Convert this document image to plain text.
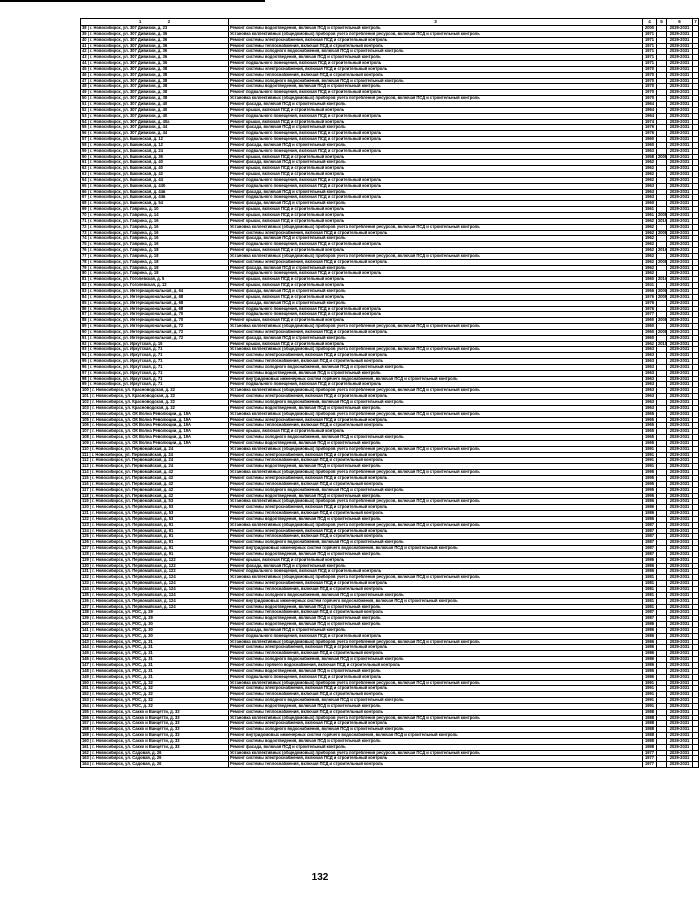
1 2	3	4	5	6	7
38 | г. Новосибирск, ул. 307 Дивизии, д. 23	Ремонт системы водоотведения, включая ПСД и строительный контроль	2000		2029-2031	
39 | г. Новосибирск, ул. 307 Дивизии, д. 36	Установка коллективных (общедомовых) приборов учета потребления ресурсов, включая ПСД и строительный контроль	1971		2029-2031	
40 | г. Новосибирск, ул. 307 Дивизии, д. 36	Ремонт системы электроснабжения, включая ПСД и строительный контроль	1971		2029-2031	
41 | г. Новосибирск, ул. 307 Дивизии, д. 36	Ремонт системы теплоснабжения, включая ПСД и строительный контроль	1971		2029-2031	
42 | г. Новосибирск, ул. 307 Дивизии, д. 36	Ремонт системы холодного водоснабжения, включая ПСД и строительный контроль	1971		2029-2031	
43 | г. Новосибирск, ул. 307 Дивизии, д. 36	Ремонт системы водоотведения, включая ПСД и строительный контроль	1971		2029-2031	
44 | г. Новосибирск, ул. 307 Дивизии, д. 36	Ремонт подвального помещения, включая ПСД и строительный контроль	1971		2029-2031	
45 | г. Новосибирск, ул. 307 Дивизии, д. 38	Ремонт системы электроснабжения, включая ПСД и строительный контроль	1970		2029-2031	
46 | г. Новосибирск, ул. 307 Дивизии, д. 38	Ремонт системы теплоснабжения, включая ПСД и строительный контроль	1970		2029-2031	
47 | г. Новосибирск, ул. 307 Дивизии, д. 38	Ремонт системы холодного водоснабжения, включая ПСД и строительный контроль	1970		2029-2031	
48 | г. Новосибирск, ул. 307 Дивизии, д. 38	Ремонт системы водоотведения, включая ПСД и строительный контроль	1970		2029-2031	
49 | г. Новосибирск, ул. 307 Дивизии, д. 38	Ремонт подвального помещения, включая ПСД и строительный контроль	1970		2029-2031	
50 | г. Новосибирск, ул. 307 Дивизии, д. 38	Установка коллективных (общедомовых) приборов учета потребления ресурсов, включая ПСД и строительный контроль	1970		2029-2031	
51 | г. Новосибирск, ул. 307 Дивизии, д. 40	Ремонт фасада, включая ПСД и строительный контроль	1964		2029-2031	
52 | г. Новосибирск, ул. 307 Дивизии, д. 40	Ремонт крыши, включая ПСД и строительный контроль	1964		2029-2031	
53 | г. Новосибирск, ул. 307 Дивизии, д. 40	Ремонт подвального помещения, включая ПСД и строительный контроль	1964		2029-2031	
54 | г. Новосибирск, ул. 307 Дивизии, д. 40а	Ремонт крыши, включая ПСД и строительный контроль	1974		2029-2031	
55 | г. Новосибирск, ул. 307 Дивизии, д. 44	Ремонт фасада, включая ПСД и строительный контроль	1976		2029-2031	
56 | г. Новосибирск, ул. 307 Дивизии, д. 44	Ремонт подвального помещения, включая ПСД и строительный контроль	1976		2029-2031	
57 | г. Новосибирск, ул. Бакинская, д. 12	Ремонт подвального помещения, включая ПСД и строительный контроль	1960		2029-2031	
58 | г. Новосибирск, ул. Бакинская, д. 12	Ремонт фасада, включая ПСД и строительный контроль	1960		2029-2031	
59 | г. Новосибирск, ул. Бакинская, д. 24	Ремонт подвального помещения, включая ПСД и строительный контроль	1963		2029-2031	
60 | г. Новосибирск, ул. Бакинская, д. 36	Ремонт крыши, включая ПСД и строительный контроль	1958	2008	2029-2031	
61 | г. Новосибирск, ул. Бакинская, д. 40	Ремонт фасада, включая ПСД и строительный контроль	1962		2029-2031	
62 | г. Новосибирск, ул. Бакинская, д. 40	Ремонт крыши, включая ПСД и строительный контроль	1962		2029-2031	
63 | г. Новосибирск, ул. Бакинская, д. 42	Ремонт крыши, включая ПСД и строительный контроль	1962		2029-2031	
64 | г. Новосибирск, ул. Бакинская, д. 44	Ремонт подвального помещения, включая ПСД и строительный контроль	1962		2029-2031	
65 | г. Новосибирск, ул. Бакинская, д. 44б	Ремонт подвального помещения, включая ПСД и строительный контроль	1963		2029-2031	
66 | г. Новосибирск, ул. Бакинская, д. 44в	Ремонт фасада, включая ПСД и строительный контроль	1963		2029-2031	
67 | г. Новосибирск, ул. Бакинская, д. 44в	Ремонт подвального помещения, включая ПСД и строительный контроль	1963		2029-2031	
68 | г. Новосибирск, ул. Бакинская, д. 54	Ремонт фасада, включая ПСД и строительный контроль	1960		2029-2031	
69 | г. Новосибирск, ул. Гаврина, д. 10	Ремонт крыши, включая ПСД и строительный контроль	1961		2029-2031	
70 | г. Новосибирск, ул. Гаврина, д. 14	Ремонт крыши, включая ПСД и строительный контроль	1961	2008	2029-2031	
71 | г. Новосибирск, ул. Гаврина, д. 16	Ремонт крыши, включая ПСД и строительный контроль	1962	2015	2029-2031	
72 | г. Новосибирск, ул. Гаврина, д. 16	Установка коллективных (общедомовых) приборов учета потребления ресурсов, включая ПСД и строительный контроль	1962		2029-2031	
73 | г. Новосибирск, ул. Гаврина, д. 16	Ремонт системы электроснабжения, включая ПСД и строительный контроль	1962	2008	2029-2031	
74 | г. Новосибирск, ул. Гаврина, д. 16	Ремонт фасада, включая ПСД и строительный контроль	1962		2029-2031	
75 | г. Новосибирск, ул. Гаврина, д. 16	Ремонт подвального помещения, включая ПСД и строительный контроль	1962		2029-2031	
76 | г. Новосибирск, ул. Гаврина, д. 18	Ремонт крыши, включая ПСД и строительный контроль	1962	2016	2029-2031	
77 | г. Новосибирск, ул. Гаврина, д. 18	Установка коллективных (общедомовых) приборов учета потребления ресурсов, включая ПСД и строительный контроль	1962		2029-2031	
78 | г. Новосибирск, ул. Гаврина, д. 18	Ремонт системы электроснабжения, включая ПСД и строительный контроль	1962	2008	2029-2031	
79 | г. Новосибирск, ул. Гаврина, д. 18	Ремонт фасада, включая ПСД и строительный контроль	1962		2029-2031	
80 | г. Новосибирск, ул. Гаврина, д. 18	Ремонт подвального помещения, включая ПСД и строительный контроль	1962		2029-2031	
81 | г. Новосибирск, ул. Гоголевская, д. 5	Ремонт крыши, включая ПСД и строительный контроль	1960	2019	2029-2031	
82 | г. Новосибирск, ул. Гоголевская, д. 12	Ремонт крыши, включая ПСД и строительный контроль	1931		2029-2031	
83 | г. Новосибирск, ул. Интернациональная, д. 64	Ремонт фасада, включая ПСД и строительный контроль	1966	2008	2029-2031	
84 | г. Новосибирск, ул. Интернациональная, д. 68	Ремонт крыши, включая ПСД и строительный контроль	1976	2008	2029-2031	
85 | г. Новосибирск, ул. Интернациональная, д. 68	Ремонт фасада, включая ПСД и строительный контроль	1976		2029-2031	
86 | г. Новосибирск, ул. Интернациональная, д. 68	Ремонт подвального помещения, включая ПСД и строительный контроль	1976		2029-2031	
87 | г. Новосибирск, ул. Интернациональная, д. 70	Ремонт подвального помещения, включая ПСД и строительный контроль	1977		2029-2031	
88 | г. Новосибирск, ул. Интернациональная, д. 70	Ремонт крыши, включая ПСД и строительный контроль	1960	2008	2029-2031	
89 | г. Новосибирск, ул. Интернациональная, д. 72	Установка коллективных (общедомовых) приборов учета потребления ресурсов, включая ПСД и строительный контроль	1960		2029-2031	
90 | г. Новосибирск, ул. Интернациональная, д. 72	Ремонт системы электроснабжения, включая ПСД и строительный контроль	1960	2008	2029-2031	
91 | г. Новосибирск, ул. Интернациональная, д. 72	Ремонт фасада, включая ПСД и строительный контроль	1960		2029-2031	
92 | г. Новосибирск, ул. Иркутская, д. 15	Ремонт крыши, включая ПСД и строительный контроль	1962	2015	2029-2031	
93 | г. Новосибирск, ул. Иркутская, д. 71	Установка коллективных (общедомовых) приборов учета потребления ресурсов, включая ПСД и строительный контроль	1963		2029-2031	
94 | г. Новосибирск, ул. Иркутская, д. 71	Ремонт системы электроснабжения, включая ПСД и строительный контроль	1963		2029-2031	
95 | г. Новосибирск, ул. Иркутская, д. 71	Ремонт системы теплоснабжения, включая ПСД и строительный контроль	1963		2029-2031	
96 | г. Новосибирск, ул. Иркутская, д. 71	Ремонт системы холодного водоснабжения, включая ПСД и строительный контроль	1963		2029-2031	
97 | г. Новосибирск, ул. Иркутская, д. 71	Ремонт системы водоотведения, включая ПСД и строительный контроль	1963		2029-2031	
98 | г. Новосибирск, ул. Иркутская, д. 71	Ремонт внутридомовых инженерных систем горячего водоснабжения, включая ПСД и строительный контроль	1963		2029-2031	
99 | г. Новосибирск, ул. Иркутская, д. 71	Ремонт подвального помещения, включая ПСД и строительный контроль	1963		2029-2031	
100 | г. Новосибирск, ул. Красноводская, д. 22	Установка коллективных (общедомовых) приборов учета потребления ресурсов, включая ПСД и строительный контроль	1963		2029-2031	
101 | г. Новосибирск, ул. Красноводская, д. 22	Ремонт системы электроснабжения, включая ПСД и строительный контроль	1963		2029-2031	
102 | г. Новосибирск, ул. Красноводская, д. 22	Ремонт системы холодного водоснабжения, включая ПСД и строительный контроль	1963		2029-2031	
103 | г. Новосибирск, ул. Красноводская, д. 22	Ремонт системы водоотведения, включая ПСД и строительный контроль	1963		2029-2031	
104 | г. Новосибирск, ул. ОК Волна Революции, д. 19А	Установка коллективных (общедомовых) приборов учета потребления ресурсов, включая ПСД и строительный контроль	1965		2029-2031	
105 | г. Новосибирск, ул. ОК Волна Революции, д. 19А	Ремонт системы электроснабжения, включая ПСД и строительный контроль	1965		2029-2031	
106 | г. Новосибирск, ул. ОК Волна Революции, д. 19А	Ремонт системы теплоснабжения, включая ПСД и строительный контроль	1965		2029-2031	
107 | г. Новосибирск, ул. ОК Волна Революции, д. 19А	Ремонт крыши, включая ПСД и строительный контроль	1965		2029-2031	
108 | г. Новосибирск, ул. ОК Волна Революции, д. 19А	Ремонт системы холодного водоснабжения, включая ПСД и строительный контроль	1965		2029-2031	
109 | г. Новосибирск, ул. ОК Волна Революции, д. 19А	Ремонт системы водоотведения, включая ПСД и строительный контроль	1965		2029-2031	
110 | г. Новосибирск, ул. Первомайская, д. 24	Установка коллективных (общедомовых) приборов учета потребления ресурсов, включая ПСД и строительный контроль	1991		2029-2031	
111 | г. Новосибирск, ул. Первомайская, д. 24	Ремонт системы электроснабжения, включая ПСД и строительный контроль	1991		2029-2031	
112 | г. Новосибирск, ул. Первомайская, д. 24	Ремонт системы теплоснабжения, включая ПСД и строительный контроль	1991		2029-2031	
113 | г. Новосибирск, ул. Первомайская, д. 24	Ремонт системы водоотведения, включая ПСД и строительный контроль	1991		2029-2031	
114 | г. Новосибирск, ул. Первомайская, д. 42	Установка коллективных (общедомовых) приборов учета потребления ресурсов, включая ПСД и строительный контроль	1995		2029-2031	
115 | г. Новосибирск, ул. Первомайская, д. 42	Ремонт системы электроснабжения, включая ПСД и строительный контроль	1995		2029-2031	
116 | г. Новосибирск, ул. Первомайская, д. 42	Ремонт системы теплоснабжения, включая ПСД и строительный контроль	1995		2029-2031	
117 | г. Новосибирск, ул. Первомайская, д. 42	Ремонт системы холодного водоснабжения, включая ПСД и строительный контроль	1995		2029-2031	
118 | г. Новосибирск, ул. Первомайская, д. 42	Ремонт системы водоотведения, включая ПСД и строительный контроль	1995		2029-2031	
119 | г. Новосибирск, ул. Первомайская, д. 53	Установка коллективных (общедомовых) приборов учета потребления ресурсов, включая ПСД и строительный контроль	1986		2029-2031	
120 | г. Новосибирск, ул. Первомайская, д. 53	Ремонт системы электроснабжения, включая ПСД и строительный контроль	1986		2029-2031	
121 | г. Новосибирск, ул. Первомайская, д. 53	Ремонт системы теплоснабжения, включая ПСД и строительный контроль	1986		2029-2031	
122 | г. Новосибирск, ул. Первомайская, д. 53	Ремонт системы водоотведения, включая ПСД и строительный контроль	1986		2029-2031	
123 | г. Новосибирск, ул. Первомайская, д. 91	Установка коллективных (общедомовых) приборов учета потребления ресурсов, включая ПСД и строительный контроль	1987		2029-2031	
124 | г. Новосибирск, ул. Первомайская, д. 91	Ремонт системы электроснабжения, включая ПСД и строительный контроль	1987		2029-2031	
125 | г. Новосибирск, ул. Первомайская, д. 91	Ремонт системы теплоснабжения, включая ПСД и строительный контроль	1987		2029-2031	
126 | г. Новосибирск, ул. Первомайская, д. 91	Ремонт системы холодного водоснабжения, включая ПСД и строительный контроль	1987		2029-2031	
127 | г. Новосибирск, ул. Первомайская, д. 91	Ремонт внутридомовых инженерных систем горячего водоснабжения, включая ПСД и строительный контроль	1987		2029-2031	
128 | г. Новосибирск, ул. Первомайская, д. 91	Ремонт системы водоотведения, включая ПСД и строительный контроль	1987		2029-2031	
129 | г. Новосибирск, ул. Первомайская, д. 122	Ремонт крыши, включая ПСД и строительный контроль	1986		2029-2031	
130 | г. Новосибирск, ул. Первомайская, д. 122	Ремонт фасада, включая ПСД и строительный контроль	1986		2029-2031	
131 | г. Новосибирск, ул. Первомайская, д. 122	Ремонт подвального помещения, включая ПСД и строительный контроль	1986		2029-2031	
132 | г. Новосибирск, ул. Первомайская, д. 124	Установка коллективных (общедомовых) приборов учета потребления ресурсов, включая ПСД и строительный контроль	1981		2029-2031	
133 | г. Новосибирск, ул. Первомайская, д. 124	Ремонт системы электроснабжения, включая ПСД и строительный контроль	1981		2029-2031	
134 | г. Новосибирск, ул. Первомайская, д. 124	Ремонт системы теплоснабжения, включая ПСД и строительный контроль	1981		2029-2031	
135 | г. Новосибирск, ул. Первомайская, д. 124	Ремонт системы холодного водоснабжения, включая ПСД и строительный контроль	1981		2029-2031	
136 | г. Новосибирск, ул. Первомайская, д. 124	Ремонт внутридомовых инженерных систем горячего водоснабжения, включая ПСД и строительный контроль	1981		2029-2031	
137 | г. Новосибирск, ул. Первомайская, д. 124	Ремонт системы водоотведения, включая ПСД и строительный контроль	1981		2029-2031	
138 | г. Новосибирск, ул. РОС, д. 29	Ремонт системы теплоснабжения, включая ПСД и строительный контроль	1987		2029-2031	
139 | г. Новосибирск, ул. РОС, д. 29	Ремонт системы водоотведения, включая ПСД и строительный контроль	1987		2029-2031	
140 | г. Новосибирск, ул. РОС, д. 30	Ремонт системы водоотведения, включая ПСД и строительный контроль	1986		2029-2031	
141 | г. Новосибирск, ул. РОС, д. 30	Ремонт фасада, включая ПСД и строительный контроль	1986		2029-2031	
142 | г. Новосибирск, ул. РОС, д. 30	Ремонт подвального помещения, включая ПСД и строительный контроль	1986		2029-2031	
143 | г. Новосибирск, ул. РОС, д. 31	Установка коллективных (общедомовых) приборов учета потребления ресурсов, включая ПСД и строительный контроль	1986		2029-2031	
144 | г. Новосибирск, ул. РОС, д. 31	Ремонт системы электроснабжения, включая ПСД и строительный контроль	1986		2029-2031	
145 | г. Новосибирск, ул. РОС, д. 31	Ремонт системы теплоснабжения, включая ПСД и строительный контроль	1986		2029-2031	
146 | г. Новосибирск, ул. РОС, д. 31	Ремонт системы холодного водоснабжения, включая ПСД и строительный контроль	1986		2029-2031	
147 | г. Новосибирск, ул. РОС, д. 31	Ремонт системы горячего водоснабжения, включая ПСД и строительный контроль	1986		2029-2031	
148 | г. Новосибирск, ул. РОС, д. 31	Ремонт системы водоотведения, включая ПСД и строительный контроль	1986		2029-2031	
149 | г. Новосибирск, ул. РОС, д. 31	Ремонт подвального помещения, включая ПСД и строительный контроль	1986		2029-2031	
150 | г. Новосибирск, ул. РОС, д. 32	Установка коллективных (общедомовых) приборов учета потребления ресурсов, включая ПСД и строительный контроль	1991		2029-2031	
151 | г. Новосибирск, ул. РОС, д. 32	Ремонт системы электроснабжения, включая ПСД и строительный контроль	1991		2029-2031	
152 | г. Новосибирск, ул. РОС, д. 32	Ремонт системы теплоснабжения, включая ПСД и строительный контроль	1991		2029-2031	
153 | г. Новосибирск, ул. РОС, д. 32	Ремонт системы холодного водоснабжения, включая ПСД и строительный контроль	1991		2029-2031	
154 | г. Новосибирск, ул. РОС, д. 32	Ремонт системы водоотведения, включая ПСД и строительный контроль	1991		2029-2031	
155 | г. Новосибирск, ул. Сакко и Ванцетти, д. 33	Ремонт системы теплоснабжения, включая ПСД и строительный контроль	1988		2029-2031	
156 | г. Новосибирск, ул. Сакко и Ванцетти, д. 33	Установка коллективных (общедомовых) приборов учета потребления ресурсов, включая ПСД и строительный контроль	1988		2029-2031	
157 | г. Новосибирск, ул. Сакко и Ванцетти, д. 33	Ремонт системы электроснабжения, включая ПСД и строительный контроль	1988		2029-2031	
158 | г. Новосибирск, ул. Сакко и Ванцетти, д. 33	Ремонт системы холодного водоснабжения, включая ПСД и строительный контроль	1988		2029-2031	
159 | г. Новосибирск, ул. Сакко и Ванцетти, д. 33	Ремонт внутридомовых инженерных систем горячего водоснабжения, включая ПСД и строительный контроль	1988		2029-2031	
160 | г. Новосибирск, ул. Сакко и Ванцетти, д. 33	Ремонт системы водоотведения, включая ПСД и строительный контроль	1988		2029-2031	
161 | г. Новосибирск, ул. Сакко и Ванцетти, д. 33	Ремонт фасада, включая ПСД и строительный контроль	1988		2029-2031	
162 | г. Новосибирск, ул. Садовая, д. 26	Установка коллективных (общедомовых) приборов учета потребления ресурсов, включая ПСД и строительный контроль	1977		2029-2031	
163 | г. Новосибирск, ул. Садовая, д. 26	Ремонт системы электроснабжения, включая ПСД и строительный контроль	1977		2029-2031	
164 | г. Новосибирск, ул. Садовая, д. 26	Ремонт системы теплоснабжения, включая ПСД и строительный контроль	1977		2029-2031	
132
